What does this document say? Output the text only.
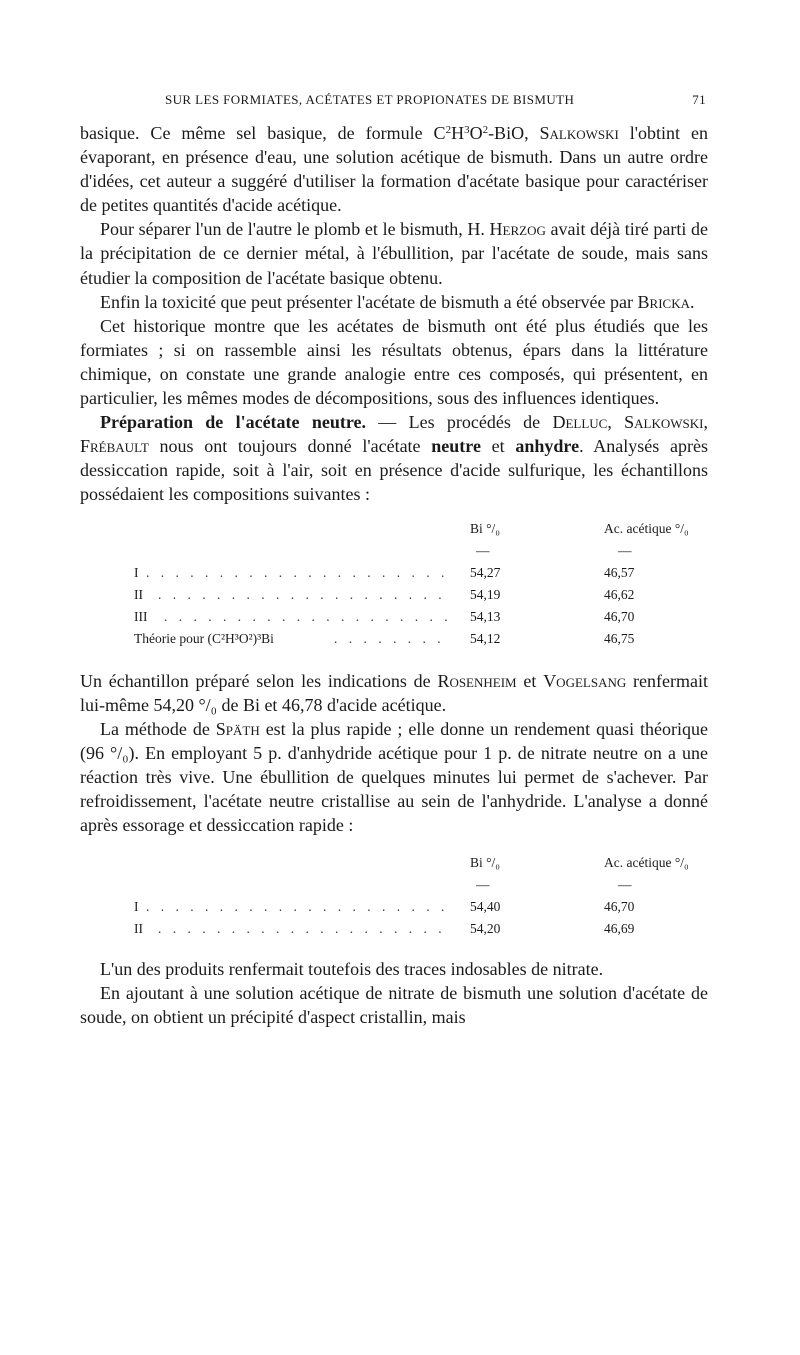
SUR LES FORMIATES, ACÉTATES ET PROPIONATES DE BISMUTH	71

basique. Ce même sel basique, de formule $C^2H^3O^2$-BiO, Salkowski l'obtint en évaporant, en présence d'eau, une solution acétique de bismuth. Dans un autre ordre d'idées, cet auteur a suggéré d'utiliser la formation d'acétate basique pour caractériser de petites quantités d'acide acétique.

Pour séparer l'un de l'autre le plomb et le bismuth, H. Herzog avait déjà tiré parti de la précipitation de ce dernier métal, à l'ébullition, par l'acétate de soude, mais sans étudier la composition de l'acétate basique obtenu.

Enfin la toxicité que peut présenter l'acétate de bismuth a été observée par Bricka.

Cet historique montre que les acétates de bismuth ont été plus étudiés que les formiates ; si on rassemble ainsi les résultats obtenus, épars dans la littérature chimique, on constate une grande analogie entre ces composés, qui présentent, en particulier, les mêmes modes de décompositions, sous des influences identiques.

Préparation de l'acétate neutre. — Les procédés de Delluc, Salkowski, Frébault nous ont toujours donné l'acétate neutre et anhydre. Analysés après dessiccation rapide, soit à l'air, soit en présence d'acide sulfurique, les échantillons possédaient les compositions suivantes :

Bi °/₀	Ac. acétique °/₀
—	—
I . . . . . . . . . . . . . . . . . . . . . 54,27	46,57
II . . . . . . . . . . . . . . . . . . . . 54,19	46,62
III . . . . . . . . . . . . . . . . . . . . 54,13	46,70
Théorie pour (C²H³O²)³Bi	. . . . . . . . 54,12	46,75

Un échantillon préparé selon les indications de Rosenheim et Vogelsang renfermait lui-même 54,20 °/₀ de Bi et 46,78 d'acide acétique.

La méthode de Späth est la plus rapide ; elle donne un rendement quasi théorique (96 °/₀). En employant 5 p. d'anhydride acétique pour 1 p. de nitrate neutre on a une réaction très vive. Une ébullition de quelques minutes lui permet de s'achever. Par refroidissement, l'acétate neutre cristallise au sein de l'anhydride. L'analyse a donné après essorage et dessiccation rapide :

Bi °/₀	Ac. acétique °/₀
—	—
I . . . . . . . . . . . . . . . . . . . . . 54,40	46,70
II . . . . . . . . . . . . . . . . . . . . 54,20	46,69

L'un des produits renfermait toutefois des traces indosables de nitrate.

En ajoutant à une solution acétique de nitrate de bismuth une solution d'acétate de soude, on obtient un précipité d'aspect cristallin, mais
